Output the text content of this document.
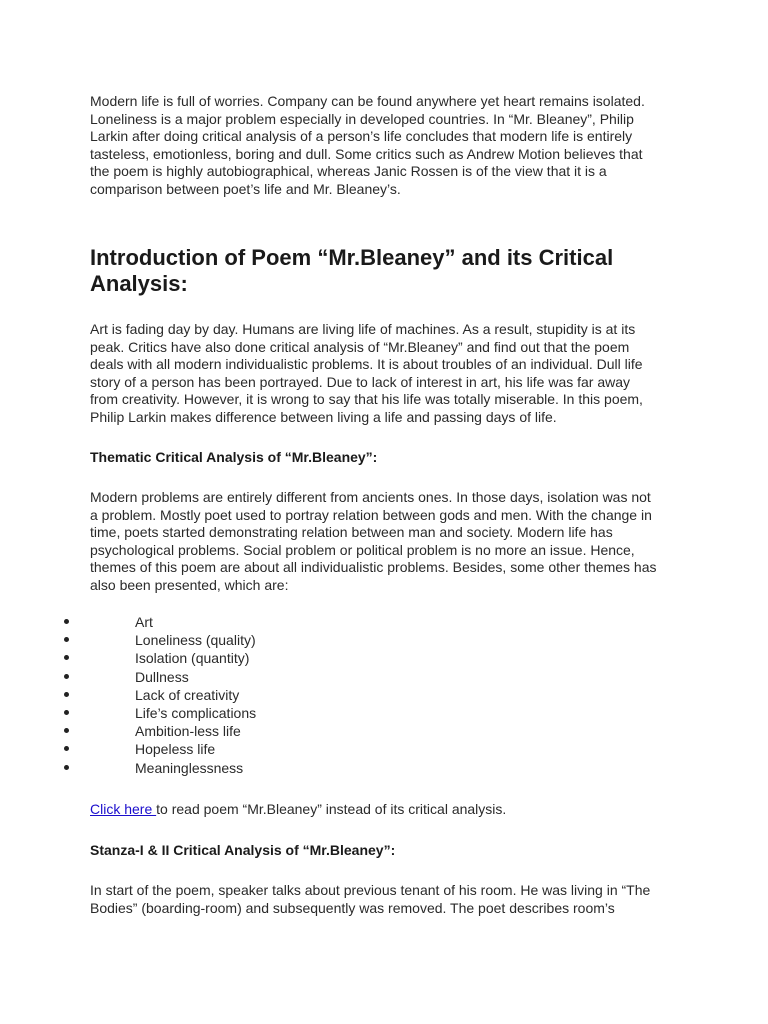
Modern life is full of worries. Company can be found anywhere yet heart remains isolated.
Loneliness is a major problem especially in developed countries. In “Mr. Bleaney”, Philip
Larkin after doing critical analysis of a person’s life concludes that modern life is entirely
tasteless, emotionless, boring and dull. Some critics such as Andrew Motion believes that
the poem is highly autobiographical, whereas Janic Rossen is of the view that it is a
comparison between poet’s life and Mr. Bleaney’s.

Introduction of Poem “Mr.Bleaney” and its Critical
Analysis:

Art is fading day by day. Humans are living life of machines. As a result, stupidity is at its
peak. Critics have also done critical analysis of “Mr.Bleaney” and find out that the poem
deals with all modern individualistic problems. It is about troubles of an individual. Dull life
story of a person has been portrayed. Due to lack of interest in art, his life was far away
from creativity. However, it is wrong to say that his life was totally miserable. In this poem,
Philip Larkin makes difference between living a life and passing days of life.

Thematic Critical Analysis of “Mr.Bleaney”:

Modern problems are entirely different from ancients ones. In those days, isolation was not
a problem. Mostly poet used to portray relation between gods and men. With the change in
time, poets started demonstrating relation between man and society. Modern life has
psychological problems. Social problem or political problem is no more an issue. Hence,
themes of this poem are about all individualistic problems. Besides, some other themes has
also been presented, which are:

Art
Loneliness (quality)
Isolation (quantity)
Dullness
Lack of creativity
Life’s complications
Ambition-less life
Hopeless life
Meaninglessness
Click here to read poem “Mr.Bleaney” instead of its critical analysis.
Stanza-I & II Critical Analysis of “Mr.Bleaney”:

In start of the poem, speaker talks about previous tenant of his room. He was living in “The
Bodies” (boarding-room) and subsequently was removed. The poet describes room’s
